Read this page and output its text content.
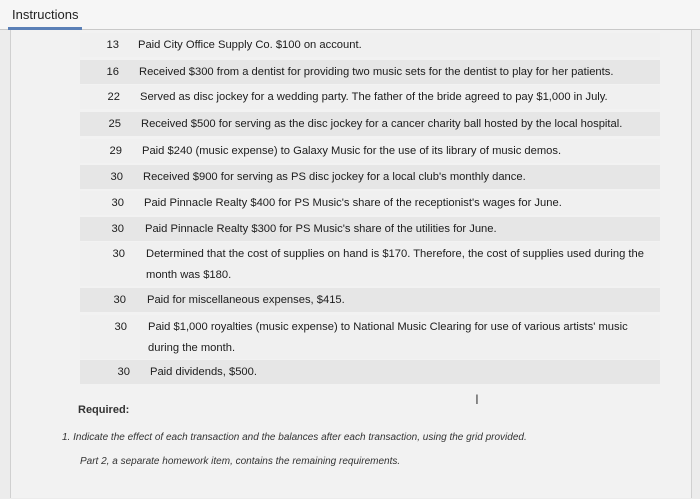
Instructions
13 Paid City Office Supply Co. $100 on account.
16 Received $300 from a dentist for providing two music sets for the dentist to play for her patients.
22 Served as disc jockey for a wedding party. The father of the bride agreed to pay $1,000 in July.
25 Received $500 for serving as the disc jockey for a cancer charity ball hosted by the local hospital.
29 Paid $240 (music expense) to Galaxy Music for the use of its library of music demos.
30 Received $900 for serving as PS disc jockey for a local club's monthly dance.
30 Paid Pinnacle Realty $400 for PS Music's share of the receptionist's wages for June.
30 Paid Pinnacle Realty $300 for PS Music's share of the utilities for June.
30 Determined that the cost of supplies on hand is $170. Therefore, the cost of supplies used during the
month was $180.
30 Paid for miscellaneous expenses, $415.
30 Paid $1,000 royalties (music expense) to National Music Clearing for use of various artists' music
during the month.
30 Paid dividends, $500.
I
Required:
1. Indicate the effect of each transaction and the balances after each transaction, using the grid provided.
Part 2, a separate homework item, contains the remaining requirements.
